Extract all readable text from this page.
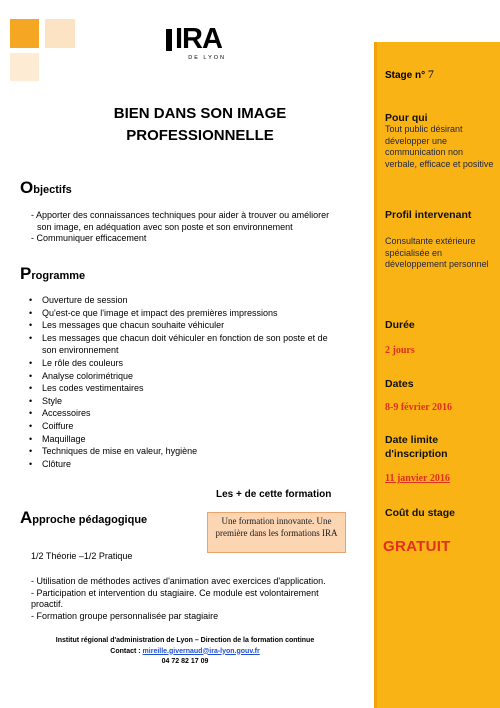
IRA
DE LYON
Stage n° 7
Pour qui
Tout public désirant développer une communication non verbale, efficace et positive
Profil intervenant
Consultante extérieure spécialisée en développement personnel
Durée
2 jours
Dates
8-9 février 2016
Date limite
d'inscription
11 janvier 2016
Coût du stage
GRATUIT
BIEN DANS SON IMAGE
PROFESSIONNELLE
Objectifs
- Apporter des connaissances techniques pour aider à trouver ou améliorer
son image, en adéquation avec son poste et son environnement
- Communiquer efficacement
Programme
• Ouverture de session
• Qu'est-ce que l'image et impact des premières impressions
• Les messages que chacun souhaite véhiculer
• Les messages que chacun doit véhiculer en fonction de son poste et de son environnement
• Le rôle des couleurs
• Analyse colorimétrique
• Les codes vestimentaires
• Style
• Accessoires
• Coiffure
• Maquillage
• Techniques de mise en valeur, hygiène
• Clôture
Les + de cette formation
Une formation innovante. Une première dans les formations IRA
Approche pédagogique
1/2 Théorie –1/2 Pratique
- Utilisation de méthodes actives d'animation avec exercices d'application.
- Participation et intervention du stagiaire. Ce module est volontairement proactif.
- Formation groupe personnalisée par stagiaire
Institut régional d'administration de Lyon – Direction de la formation continue
Contact : mireille.givernaud@ira-lyon.gouv.fr
04 72 82 17 09
